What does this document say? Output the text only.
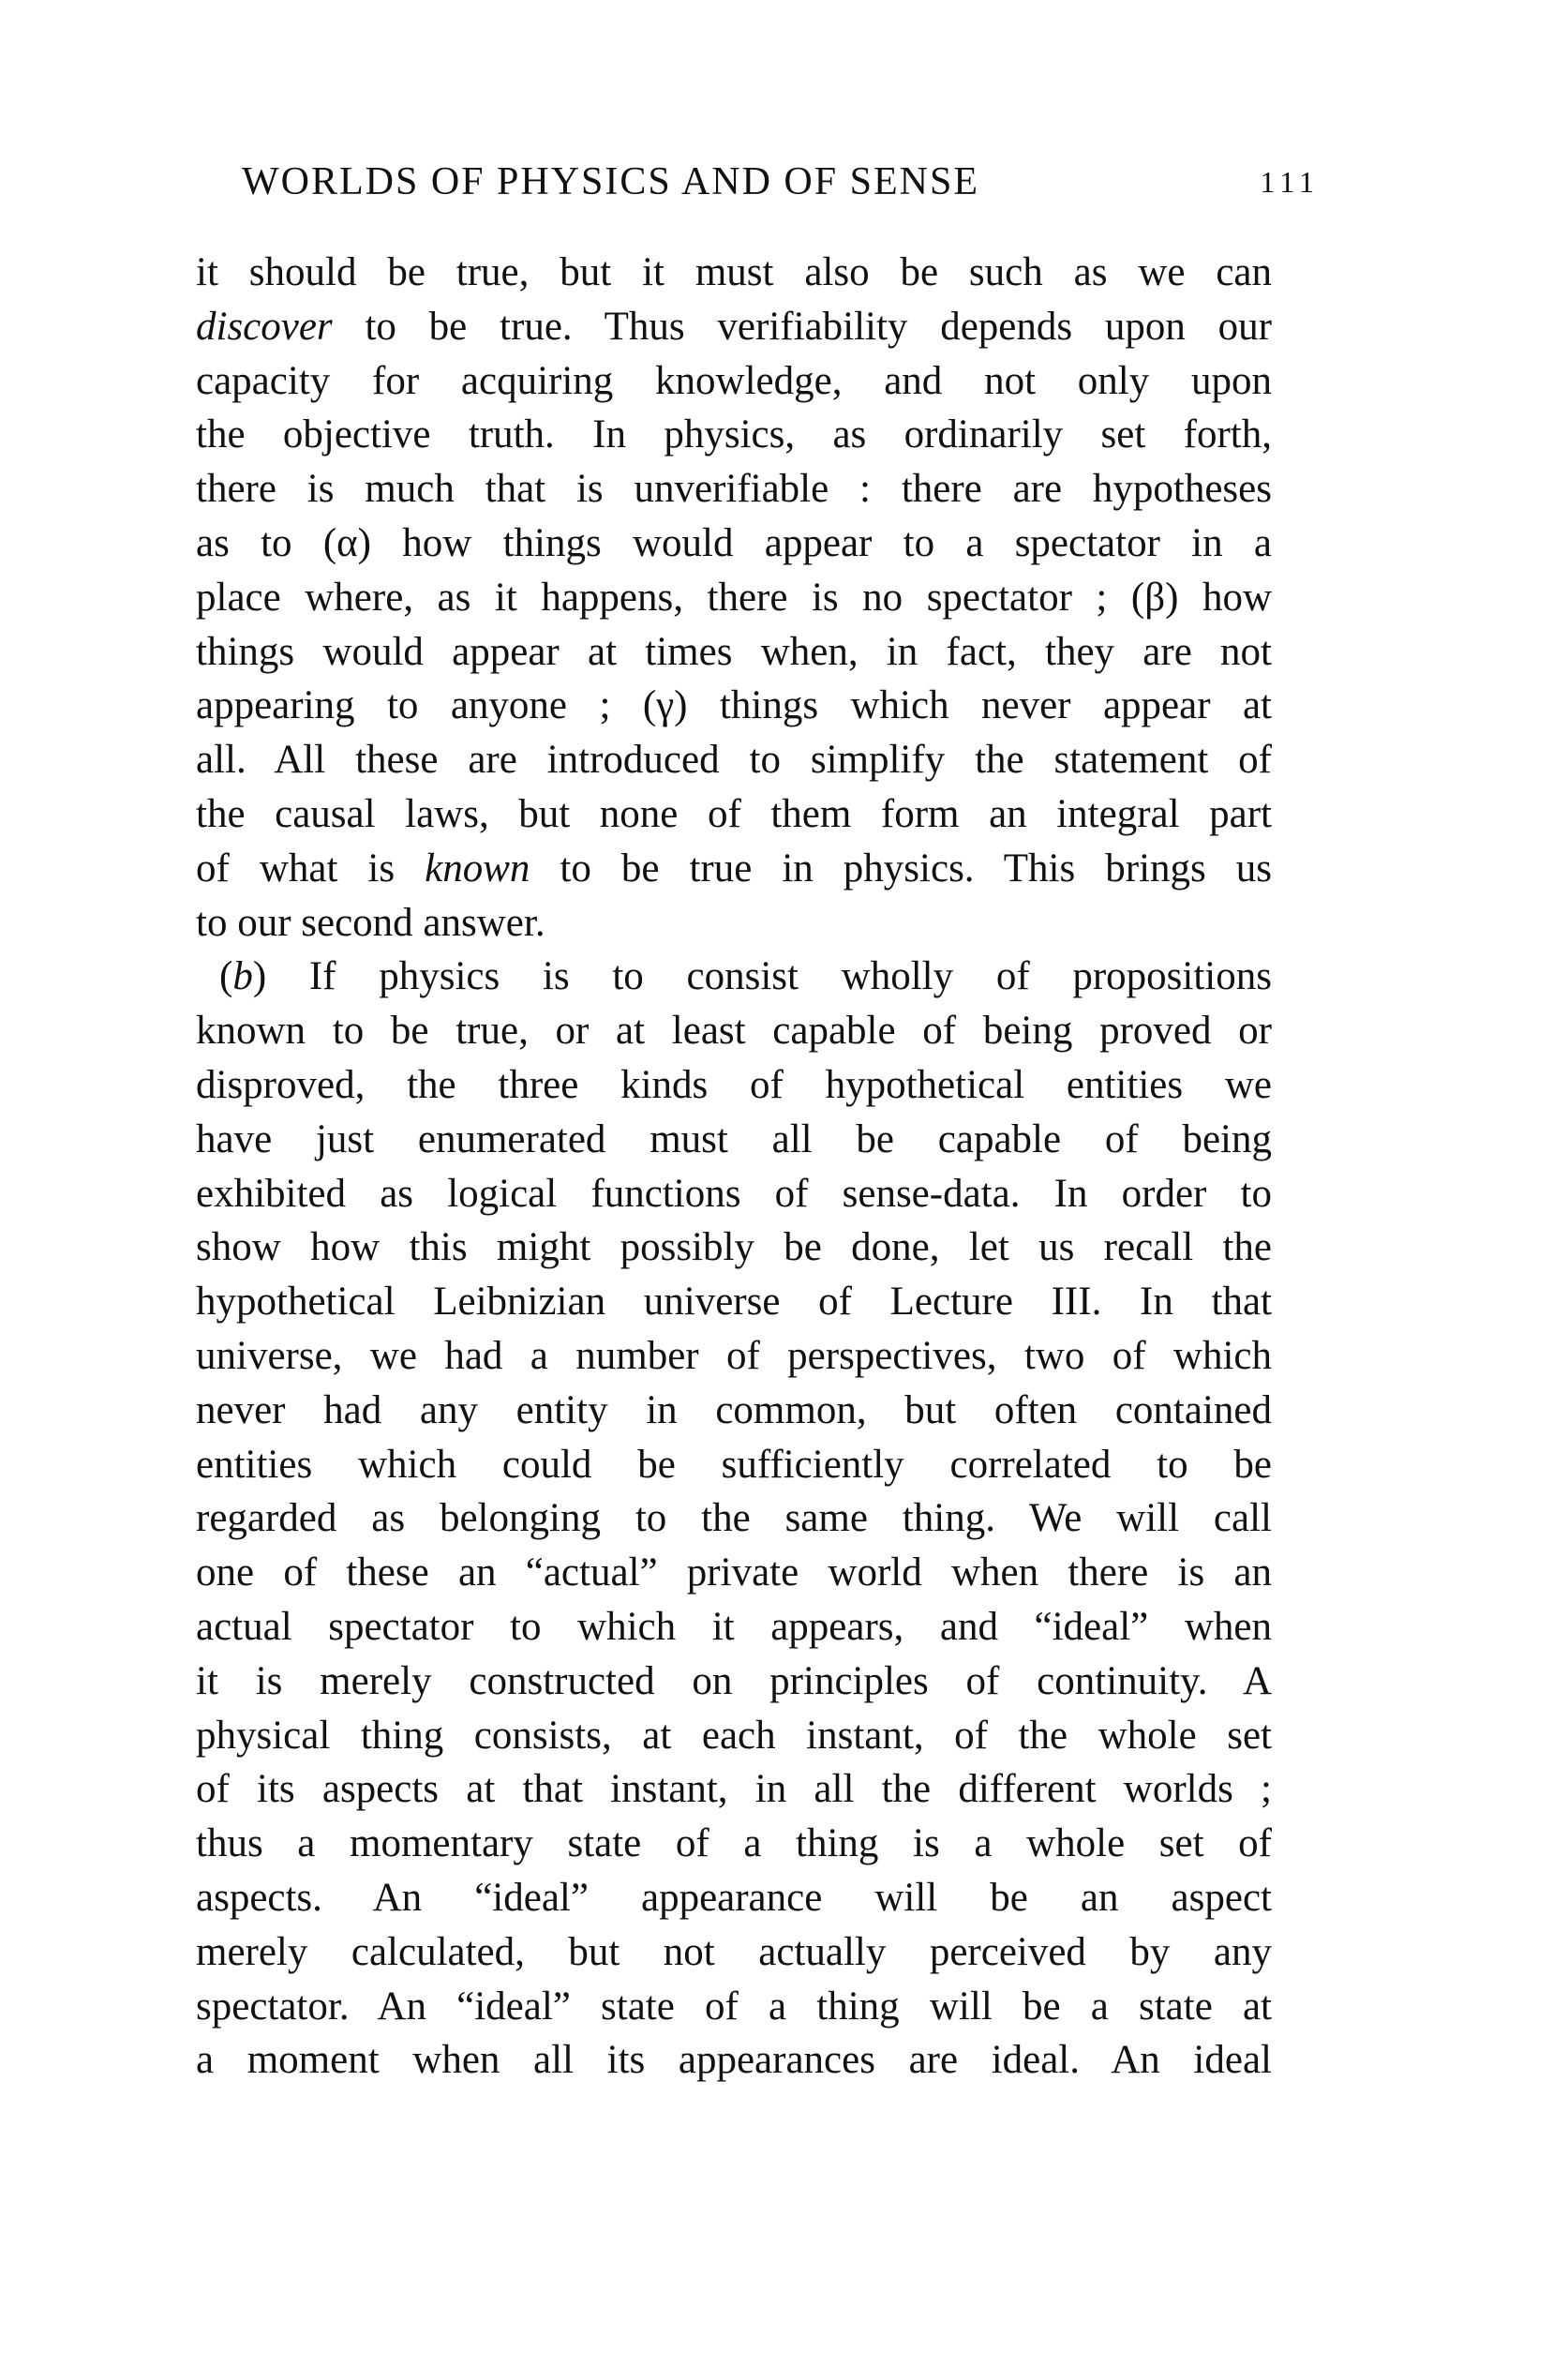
WORLDS OF PHYSICS AND OF SENSE	111
it should be true, but it must also be such as we can
discover to be true. Thus verifiability depends upon our
capacity for acquiring knowledge, and not only upon
the objective truth. In physics, as ordinarily set forth,
there is much that is unverifiable : there are hypotheses
as to (α) how things would appear to a spectator in a
place where, as it happens, there is no spectator ; (β) how
things would appear at times when, in fact, they are not
appearing to anyone ; (γ) things which never appear at
all. All these are introduced to simplify the statement of
the causal laws, but none of them form an integral part
of what is known to be true in physics. This brings us
to our second answer.
(b) If physics is to consist wholly of propositions
known to be true, or at least capable of being proved or
disproved, the three kinds of hypothetical entities we
have just enumerated must all be capable of being
exhibited as logical functions of sense-data. In order to
show how this might possibly be done, let us recall the
hypothetical Leibnizian universe of Lecture III. In that
universe, we had a number of perspectives, two of which
never had any entity in common, but often contained
entities which could be sufficiently correlated to be
regarded as belonging to the same thing. We will call
one of these an “actual” private world when there is an
actual spectator to which it appears, and “ideal” when
it is merely constructed on principles of continuity. A
physical thing consists, at each instant, of the whole set
of its aspects at that instant, in all the different worlds ;
thus a momentary state of a thing is a whole set of
aspects. An “ideal” appearance will be an aspect
merely calculated, but not actually perceived by any
spectator. An “ideal” state of a thing will be a state at
a moment when all its appearances are ideal. An ideal
